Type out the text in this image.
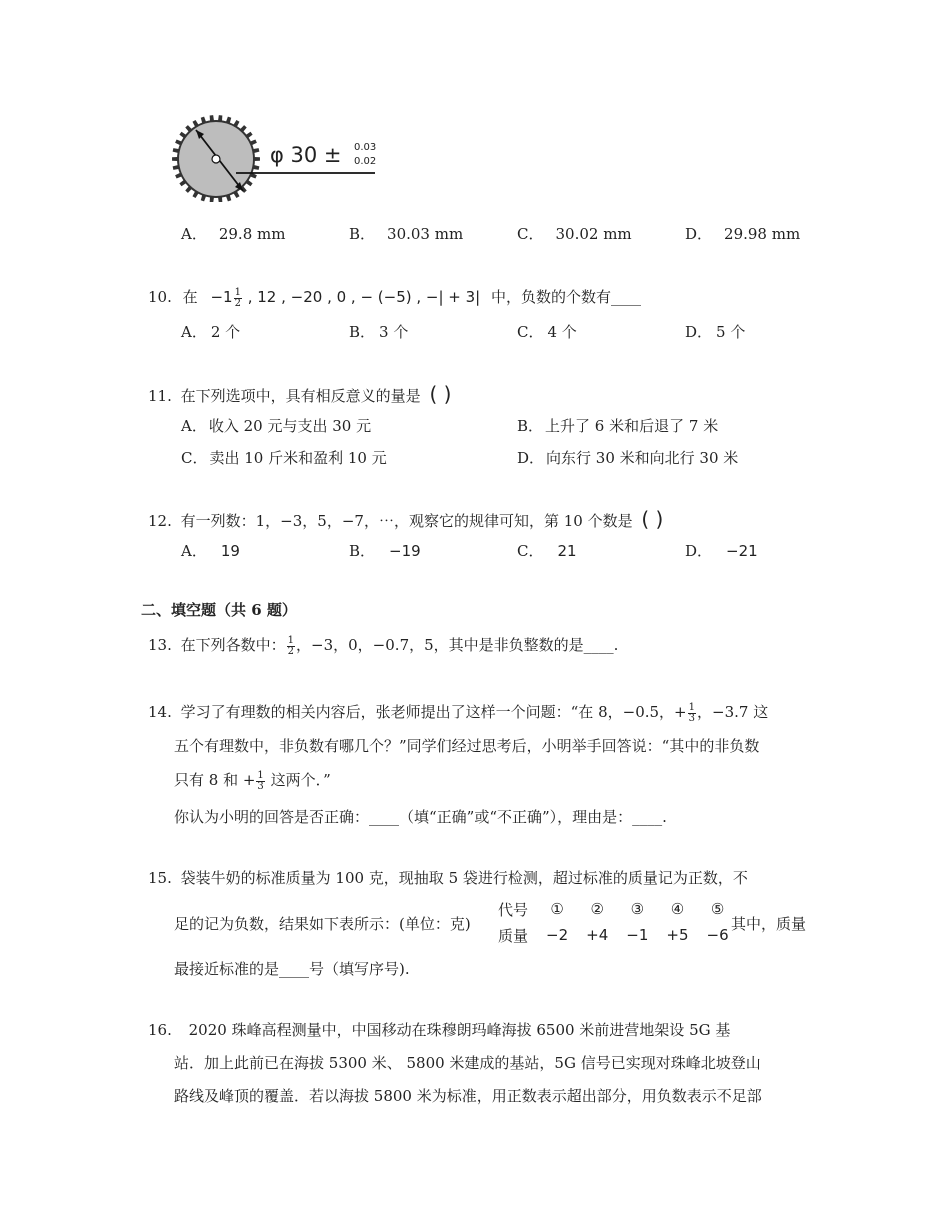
φ 30 ± 0.03
0.02
A． 29.8 mm	B． 30.03 mm	C． 30.02 mm	D． 29.98 mm
10. 在 $-1 \frac{1}{2}$ , 12 , −20 , 0 , − (−5) , −| + 3| 中，负数的个数有____
A． 2 个	B． 3 个	C． 4 个	D． 5 个
11. 在下列选项中，具有相反意义的量是 ( )
A． 收入 20 元与支出 30 元	B． 上升了 6 米和后退了 7 米
C． 卖出 10 斤米和盈利 10 元	D． 向东行 30 米和向北行 30 米
12. 有一列数：1，−3，5，−7，⋯，观察它的规律可知，第 10 个数是 ( )
A． 19	B． −19	C． 21	D． −21
二、填空题（共 6 题）
13. 在下列各数中： $\frac{1}{2}$ ，−3，0，−0.7，5，其中是非负整数的是____.
14. 学习了有理数的相关内容后，张老师提出了这样一个问题：“在 8，−0.5，+ $\frac{1}{3}$ ，−3.7 这
五个有理数中，非负数有哪几个？”同学们经过思考后，小明举手回答说：“其中的非负数
只有 8 和 + $\frac{1}{3}$ 这两个．”
你认为小明的回答是否正确：____（填“正确”或“不正确”），理由是：____.
15. 袋装牛奶的标准质量为 100 克，现抽取 5 袋进行检测，超过标准的质量记为正数，不
足的记为负数，结果如下表所示：(单位：克)
代号	①	②	③	④	⑤
质量	−2	+4	−1	+5	−6
其中，质量
最接近标准的是____号（填写序号).
16. 2020 珠峰高程测量中，中国移动在珠穆朗玛峰海拔 6500 米前进营地架设 5G 基
站．加上此前已在海拔 5300 米、 5800 米建成的基站，5G 信号已实现对珠峰北坡登山
路线及峰顶的覆盖．若以海拔 5800 米为标准，用正数表示超出部分，用负数表示不足部
